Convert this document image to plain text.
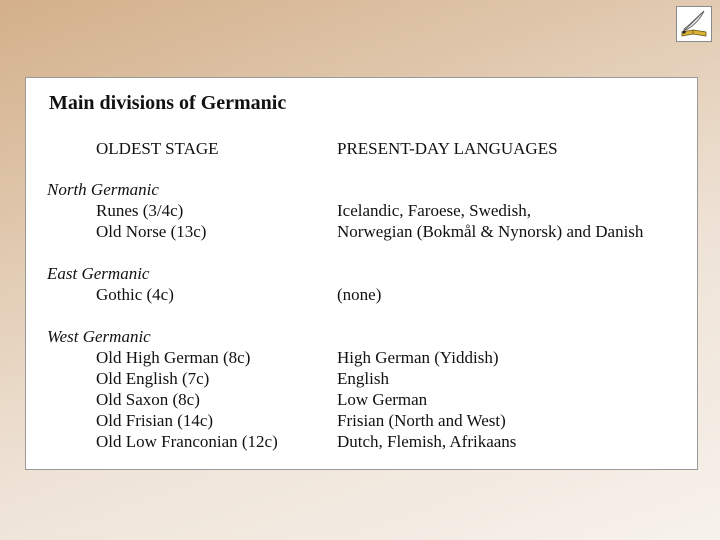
Main divisions of Germanic
OLDEST STAGE	PRESENT-DAY LANGUAGES
North Germanic
Runes (3/4c)
Old Norse (13c)
Icelandic, Faroese, Swedish,
Norwegian (Bokmål & Nynorsk) and Danish
East Germanic
Gothic (4c)	(none)
West Germanic
Old High German (8c)
Old English (7c)
Old Saxon (8c)
Old Frisian (14c)
Old Low Franconian (12c)
High German (Yiddish)
English
Low German
Frisian (North and West)
Dutch, Flemish, Afrikaans
